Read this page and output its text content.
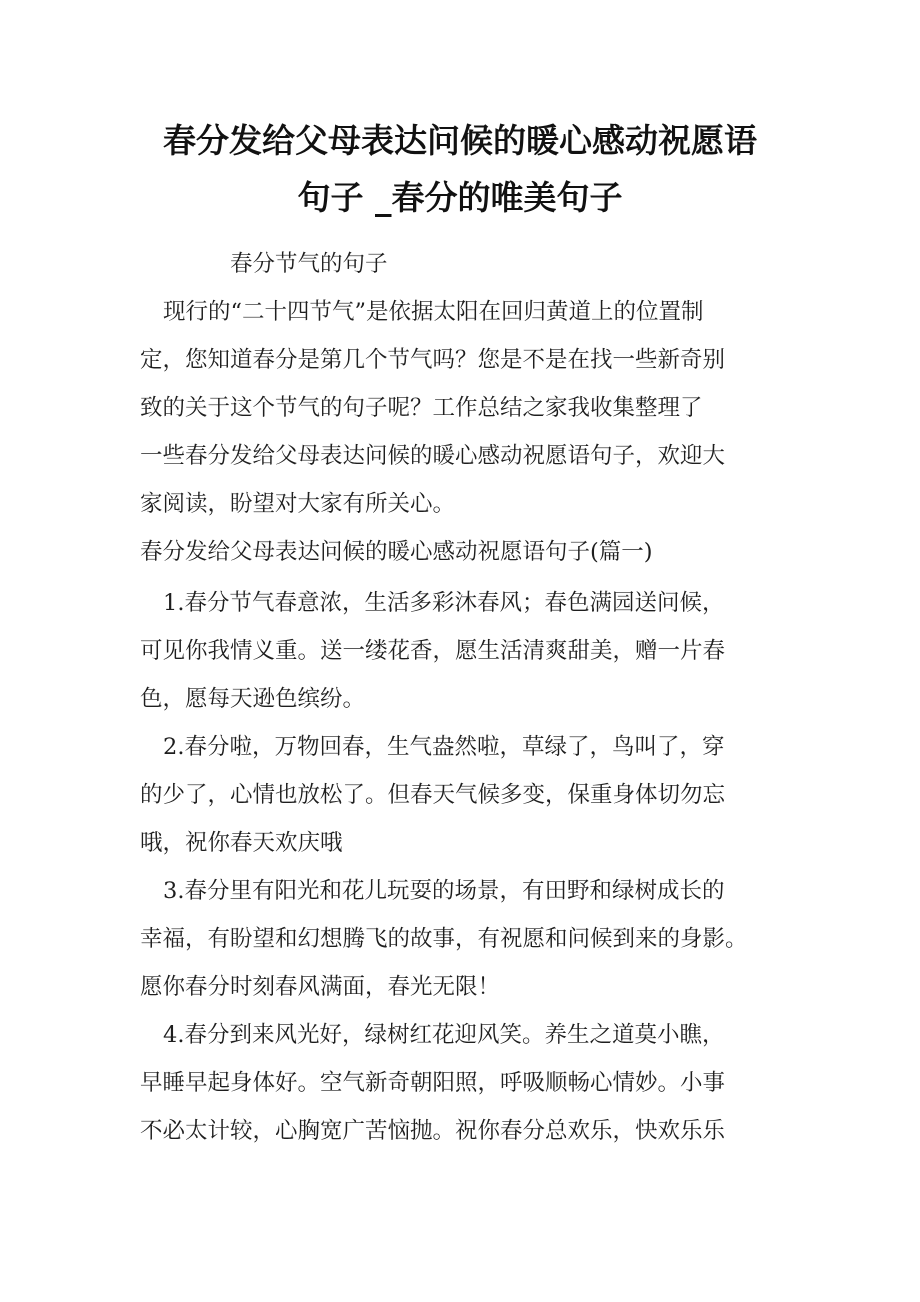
春分发给父母表达问候的暖心感动祝愿语
句子 _春分的唯美句子
春分节气的句子
现行的“二十四节气”是依据太阳在回归黄道上的位置制
定，您知道春分是第几个节气吗？您是不是在找一些新奇别
致的关于这个节气的句子呢？工作总结之家我收集整理了
一些春分发给父母表达问候的暖心感动祝愿语句子，欢迎大
家阅读，盼望对大家有所关心。
春分发给父母表达问候的暖心感动祝愿语句子(篇一)
1.春分节气春意浓，生活多彩沐春风；春色满园送问候，
可见你我情义重。送一缕花香，愿生活清爽甜美，赠一片春
色，愿每天逊色缤纷。
2.春分啦，万物回春，生气盎然啦，草绿了，鸟叫了，穿
的少了，心情也放松了。但春天气候多变，保重身体切勿忘
哦，祝你春天欢庆哦
3.春分里有阳光和花儿玩耍的场景，有田野和绿树成长的
幸福，有盼望和幻想腾飞的故事，有祝愿和问候到来的身影。
愿你春分时刻春风满面，春光无限！
4.春分到来风光好，绿树红花迎风笑。养生之道莫小瞧，
早睡早起身体好。空气新奇朝阳照，呼吸顺畅心情妙。小事
不必太计较，心胸宽广苦恼抛。祝你春分总欢乐，快欢乐乐
